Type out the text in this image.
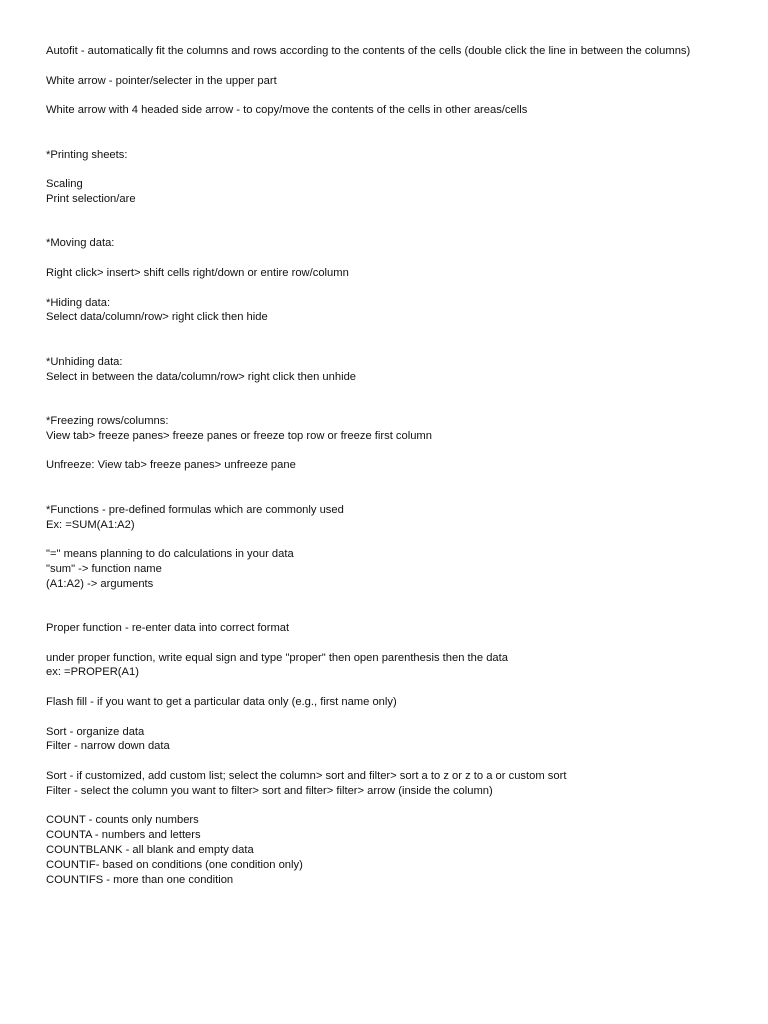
Autofit - automatically fit the columns and rows according to the contents of the cells (double click the line in between the columns)
White arrow - pointer/selecter in the upper part
White arrow with 4 headed side arrow - to copy/move the contents of the cells in other areas/cells
*Printing sheets:
Scaling
Print selection/are
*Moving data:
Right click> insert> shift cells right/down or entire row/column
*Hiding data:
Select data/column/row> right click then hide
*Unhiding data:
Select in between the data/column/row> right click then unhide
*Freezing rows/columns:
View tab> freeze panes> freeze panes or freeze top row or freeze first column
Unfreeze: View tab> freeze panes> unfreeze pane
*Functions - pre-defined formulas which are commonly used
Ex: =SUM(A1:A2)
"=" means planning to do calculations in your data
"sum" -> function name
(A1:A2) -> arguments
Proper function - re-enter data into correct format
under proper function, write equal sign and type "proper" then open parenthesis then the data
ex: =PROPER(A1)
Flash fill - if you want to get a particular data only (e.g., first name only)
Sort - organize data
Filter - narrow down data
Sort - if customized, add custom list; select the column> sort and filter> sort a to z or z to a or custom sort
Filter - select the column you want to filter> sort and filter> filter> arrow (inside the column)
COUNT - counts only numbers
COUNTA - numbers and letters
COUNTBLANK - all blank and empty data
COUNTIF- based on conditions (one condition only)
COUNTIFS - more than one condition
